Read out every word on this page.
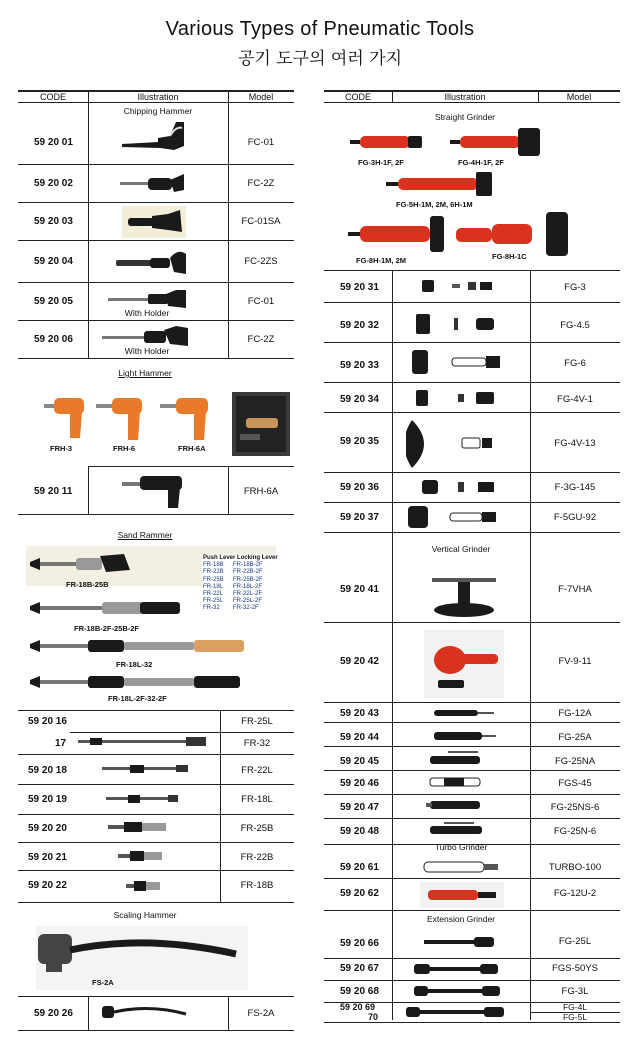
Various Types of Pneumatic Tools
공기 도구의 여러 가지
CODE	Illustration	Model
Chipping Hammer
Light Hammer
Sand Rammer
Scaling Hammer
59 20 01	FC-01
59 20 02	FC-2Z
59 20 03	FC-01SA
59 20 04	FC-2ZS
59 20 05	FC-01
59 20 06	FC-2Z
59 20 11	FRH-6A
59 20 16	FR-25L
17	FR-32
59 20 18	FR-22L
59 20 19	FR-18L
59 20 20	FR-25B
59 20 21	FR-22B
59 20 22	FR-18B
59 20 26	FS-2A
With Holder
With Holder
FRH-3	FRH-6	FRH-6A
FR-18B-25B
FR-18B-2F-25B-2F
FR-18L-32
FR-18L-2F-32-2F
Push Lever Locking Lever
FR-18B FR-18B-2F
FR-22B FR-22B-2F
FR-25B FR-25B-2F
FR-18L FR-18L-2F
FR-22L FR-22L-2F
FR-25L FR-25L-2F
FR-32 FR-32-2F
FS-2A
CODE	Illustration	Model
Straight Grinder
Vertical Grinder
Turbo Grinder
Extension Grinder
FG-3H-1F, 2F	FG-4H-1F, 2F
FG-5H-1M, 2M, 6H-1M
FG-8H-1M, 2M	FG-8H-1C
59 20 31	FG-3
59 20 32	FG-4.5
59 20 33	FG-6
59 20 34	FG-4V-1
59 20 35	FG-4V-13
59 20 36	F-3G-145
59 20 37	F-5GU-92
59 20 41	F-7VHA
59 20 42	FV-9-11
59 20 43	FG-12A
59 20 44	FG-25A
59 20 45	FG-25NA
59 20 46	FGS-45
59 20 47	FG-25NS-6
59 20 48	FG-25N-6
59 20 61	TURBO-100
59 20 62	FG-12U-2
59 20 66	FG-25L
59 20 67	FGS-50YS
59 20 68	FG-3L
59 20 69	FG-4L
70	FG-5L
